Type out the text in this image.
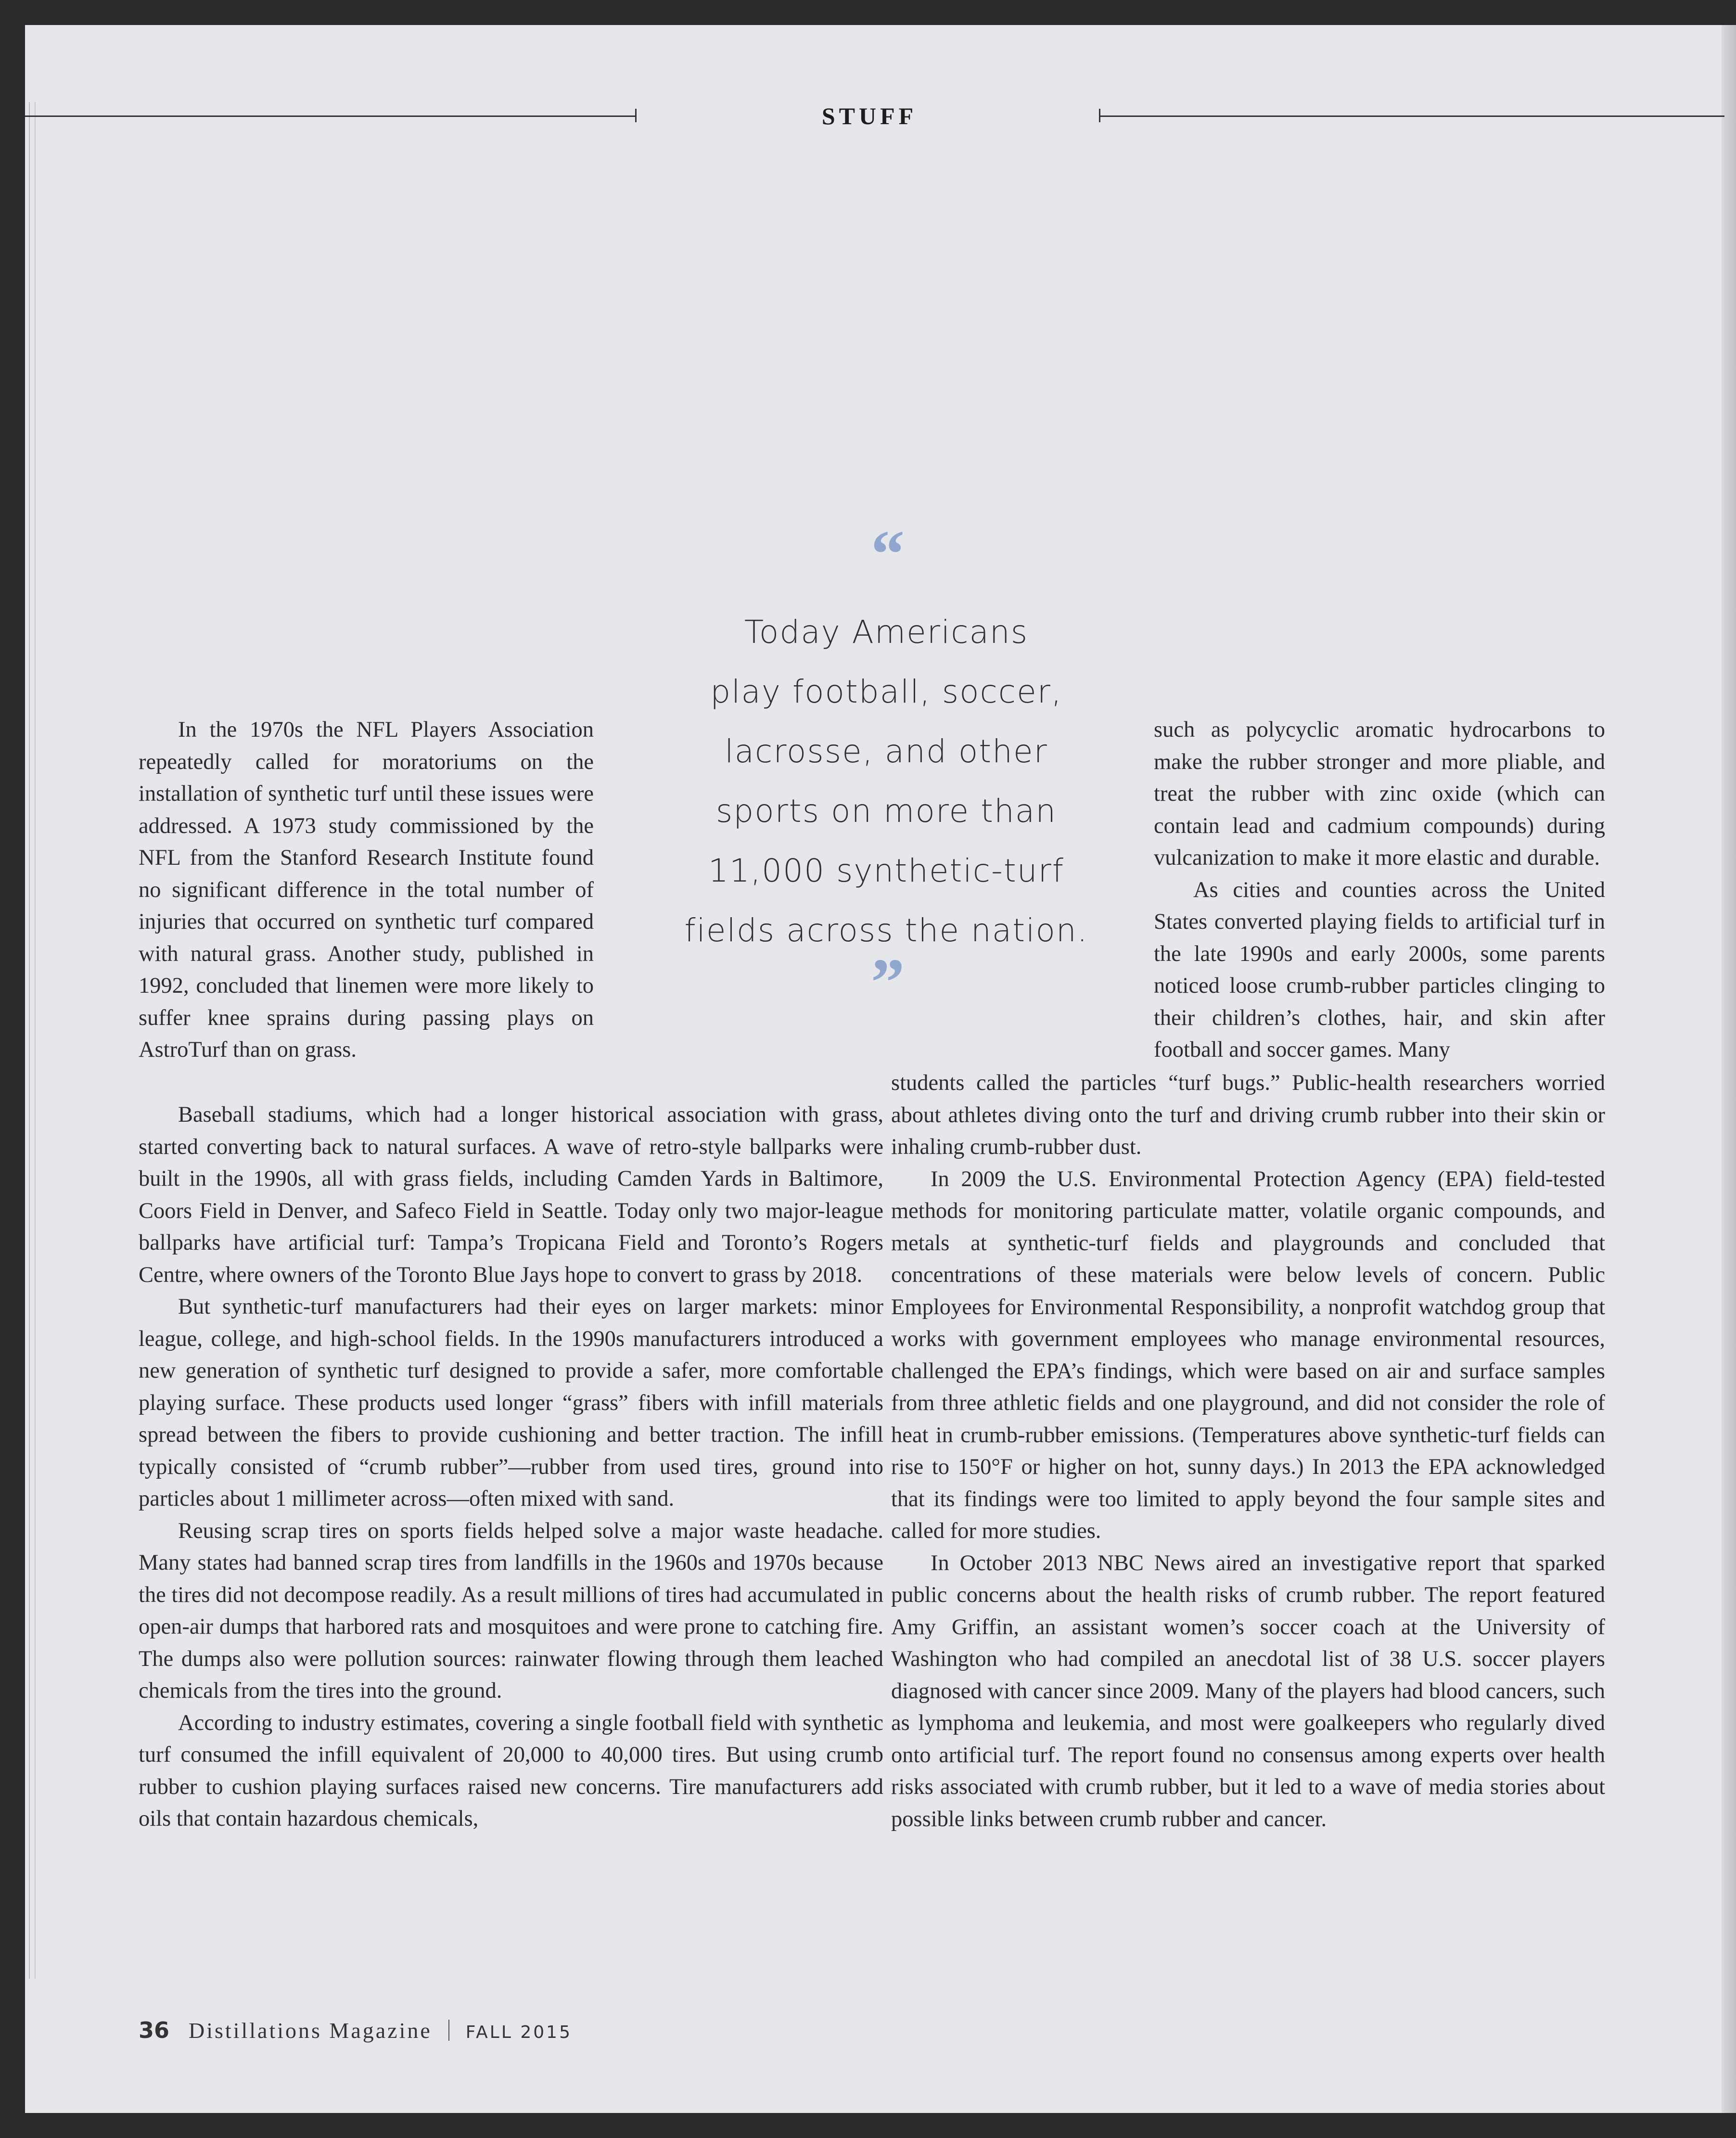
STUFF
“
Today Americans
play football, soccer,
lacrosse, and other
sports on more than
11,000 synthetic-turf
fields across the nation.
”

In the 1970s the NFL Players Association repeatedly called for moratoriums on the installation of synthetic turf until these issues were addressed. A 1973 study commissioned by the NFL from the Stanford Research Institute found no significant difference in the total number of injuries that occurred on synthetic turf compared with natural grass. Another study, published in 1992, concluded that linemen were more likely to suffer knee sprains during passing plays on AstroTurf than on grass.

Baseball stadiums, which had a longer historical association with grass, started converting back to natural surfaces. A wave of retro-style ballparks were built in the 1990s, all with grass fields, including Camden Yards in Baltimore, Coors Field in Denver, and Safeco Field in Seattle. Today only two major-league ballparks have artificial turf: Tampa’s Tropicana Field and Toronto’s Rogers Centre, where owners of the Toronto Blue Jays hope to convert to grass by 2018.

But synthetic-turf manufacturers had their eyes on larger markets: minor league, college, and high-school fields. In the 1990s manufacturers introduced a new generation of synthetic turf designed to provide a safer, more comfortable playing surface. These products used longer “grass” fibers with infill materials spread between the fibers to provide cushioning and better traction. The infill typically consisted of “crumb rubber”—rubber from used tires, ground into particles about 1 millimeter across—often mixed with sand.

Reusing scrap tires on sports fields helped solve a major waste headache. Many states had banned scrap tires from landfills in the 1960s and 1970s because the tires did not decompose readily. As a result millions of tires had accumulated in open-air dumps that harbored rats and mosquitoes and were prone to catching fire. The dumps also were pollution sources: rainwater flowing through them leached chemicals from the tires into the ground.

According to industry estimates, covering a single football field with synthetic turf consumed the infill equivalent of 20,000 to 40,000 tires. But using crumb rubber to cushion playing surfaces raised new concerns. Tire manufacturers add oils that contain hazardous chemicals,

such as polycyclic aromatic hydrocarbons to make the rubber stronger and more pliable, and treat the rubber with zinc oxide (which can contain lead and cadmium compounds) during vulcanization to make it more elastic and durable.

As cities and counties across the United States converted playing fields to artificial turf in the late 1990s and early 2000s, some parents noticed loose crumb-rubber particles clinging to their children’s clothes, hair, and skin after football and soccer games. Many

students called the particles “turf bugs.” Public-health researchers worried about athletes diving onto the turf and driving crumb rubber into their skin or inhaling crumb-rubber dust.

In 2009 the U.S. Environmental Protection Agency (EPA) field-tested methods for monitoring particulate matter, volatile organic compounds, and metals at synthetic-turf fields and playgrounds and concluded that concentrations of these materials were below levels of concern. Public Employees for Environmental Responsibility, a nonprofit watchdog group that works with government employees who manage environmental resources, challenged the EPA’s findings, which were based on air and surface samples from three athletic fields and one playground, and did not consider the role of heat in crumb-rubber emissions. (Temperatures above synthetic-turf fields can rise to 150°F or higher on hot, sunny days.) In 2013 the EPA acknowledged that its findings were too limited to apply beyond the four sample sites and called for more studies.

In October 2013 NBC News aired an investigative report that sparked public concerns about the health risks of crumb rubber. The report featured Amy Griffin, an assistant women’s soccer coach at the University of Washington who had compiled an anecdotal list of 38 U.S. soccer players diagnosed with cancer since 2009. Many of the players had blood cancers, such as lymphoma and leukemia, and most were goalkeepers who regularly dived onto artificial turf. The report found no consensus among experts over health risks associated with crumb rubber, but it led to a wave of media stories about possible links between crumb rubber and cancer.

36 Distillations Magazine FALL 2015
